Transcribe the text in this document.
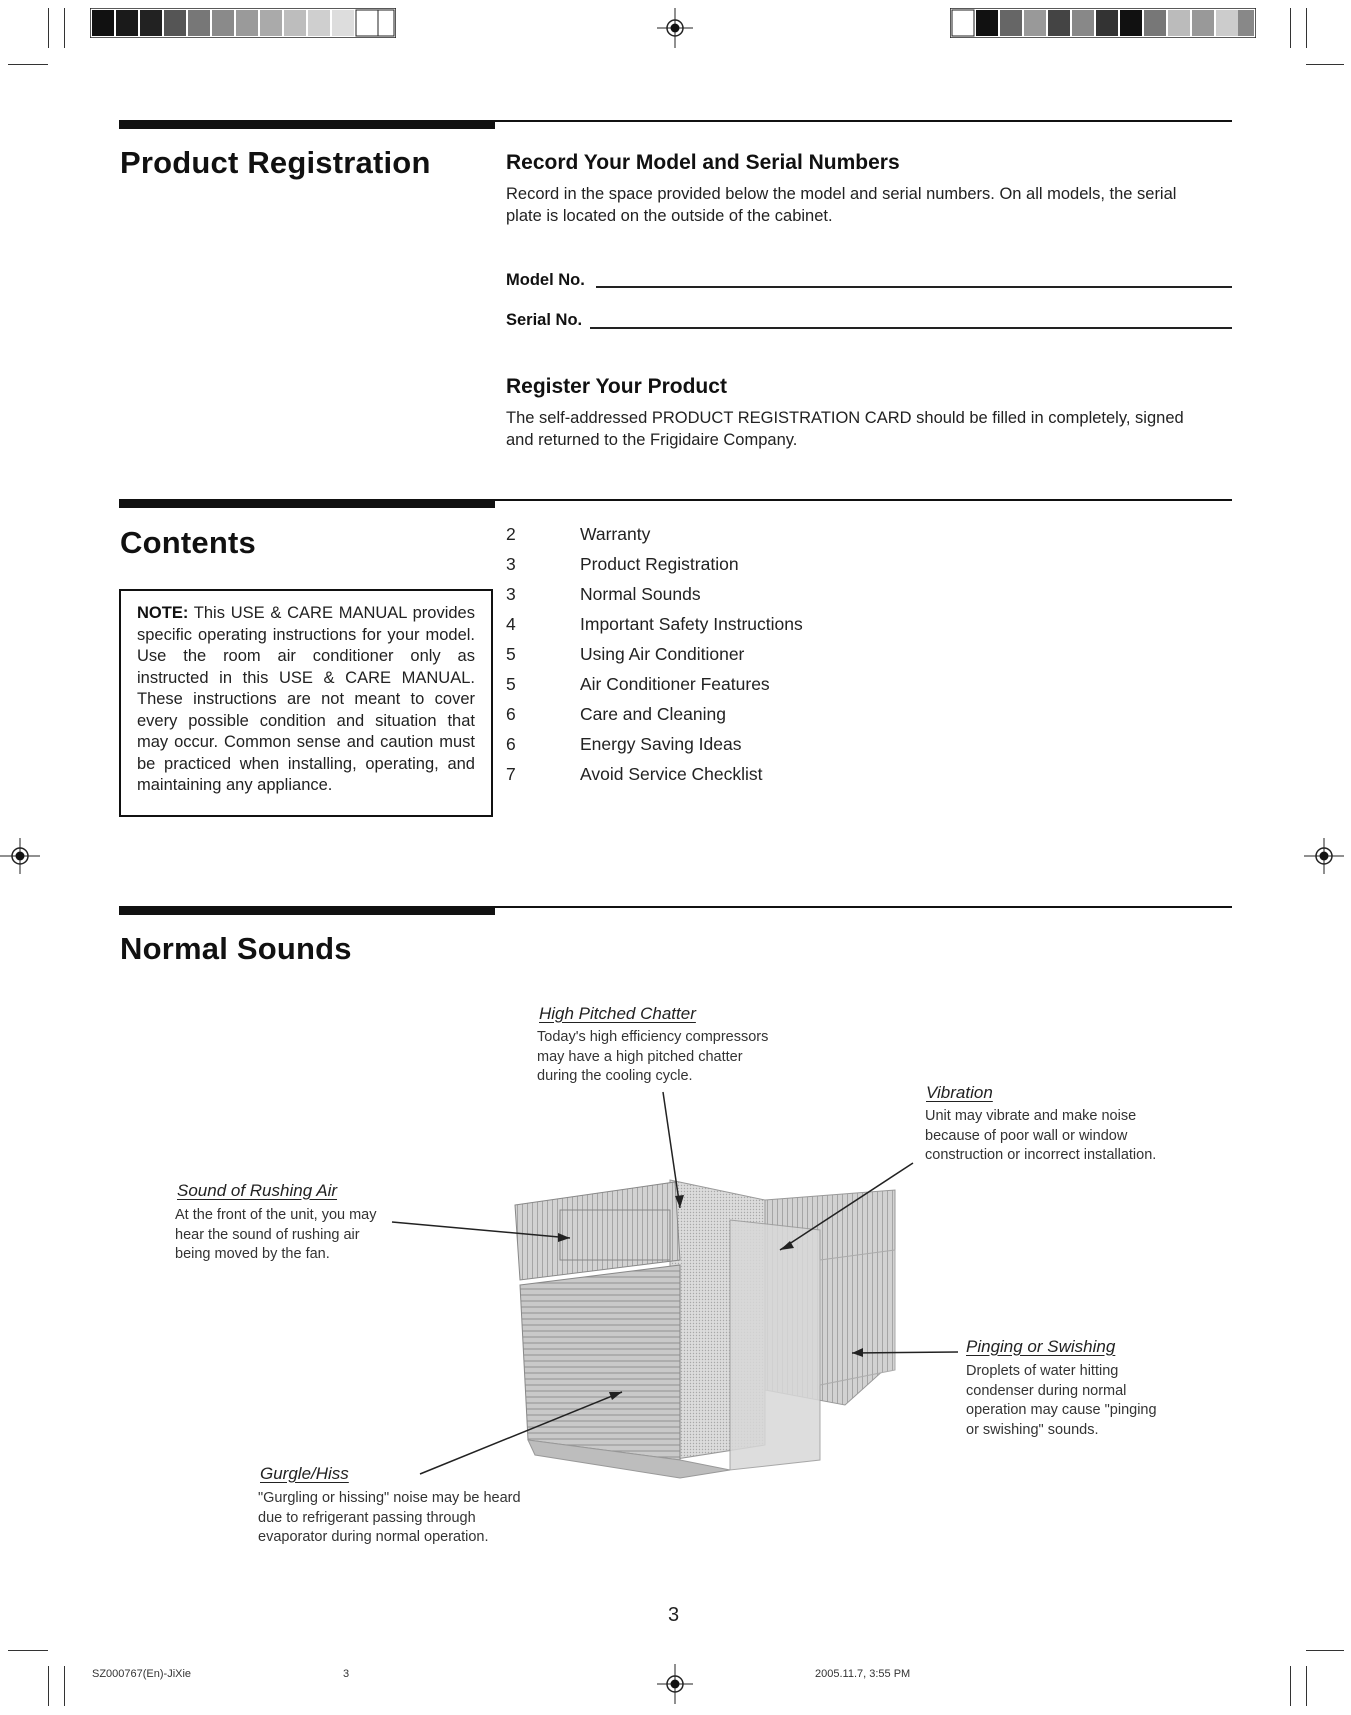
Product Registration	Record Your Model and Serial Numbers
Record in the space provided below the model and serial numbers. On all models, the serial
plate is located on the outside of the cabinet.
Model No.
Serial No.
Register Your Product
The self-addressed PRODUCT REGISTRATION CARD should be filled in completely, signed
and returned to the Frigidaire Company.
Contents
NOTE: This USE & CARE MANUAL provides specific operating instructions for your model. Use the room air conditioner only as instructed in this USE & CARE MANUAL. These instructions are not meant to cover every possible condition and situation that may occur. Common sense and caution must be practiced when installing, operating, and maintaining any appliance.
2	Warranty
3	Product Registration
3	Normal Sounds
4	Important Safety Instructions
5	Using Air Conditioner
5	Air Conditioner Features
6	Care and Cleaning
6	Energy Saving Ideas
7	Avoid Service Checklist
Normal Sounds
High Pitched Chatter
Today's high efficiency compressors
may have a high pitched chatter
during the cooling cycle.
Vibration
Unit may vibrate and make noise
because of poor wall or window
construction or incorrect installation.
Sound of Rushing Air
At the front of the unit, you may
hear the sound of rushing air
being moved by the fan.
Pinging or Swishing
Droplets of water hitting
condenser during normal
operation may cause "pinging
or swishing" sounds.
Gurgle/Hiss
"Gurgling or hissing" noise may be heard
due to refrigerant passing through
evaporator during normal operation.
3
SZ000767(En)-JiXie	3	2005.11.7, 3:55 PM
